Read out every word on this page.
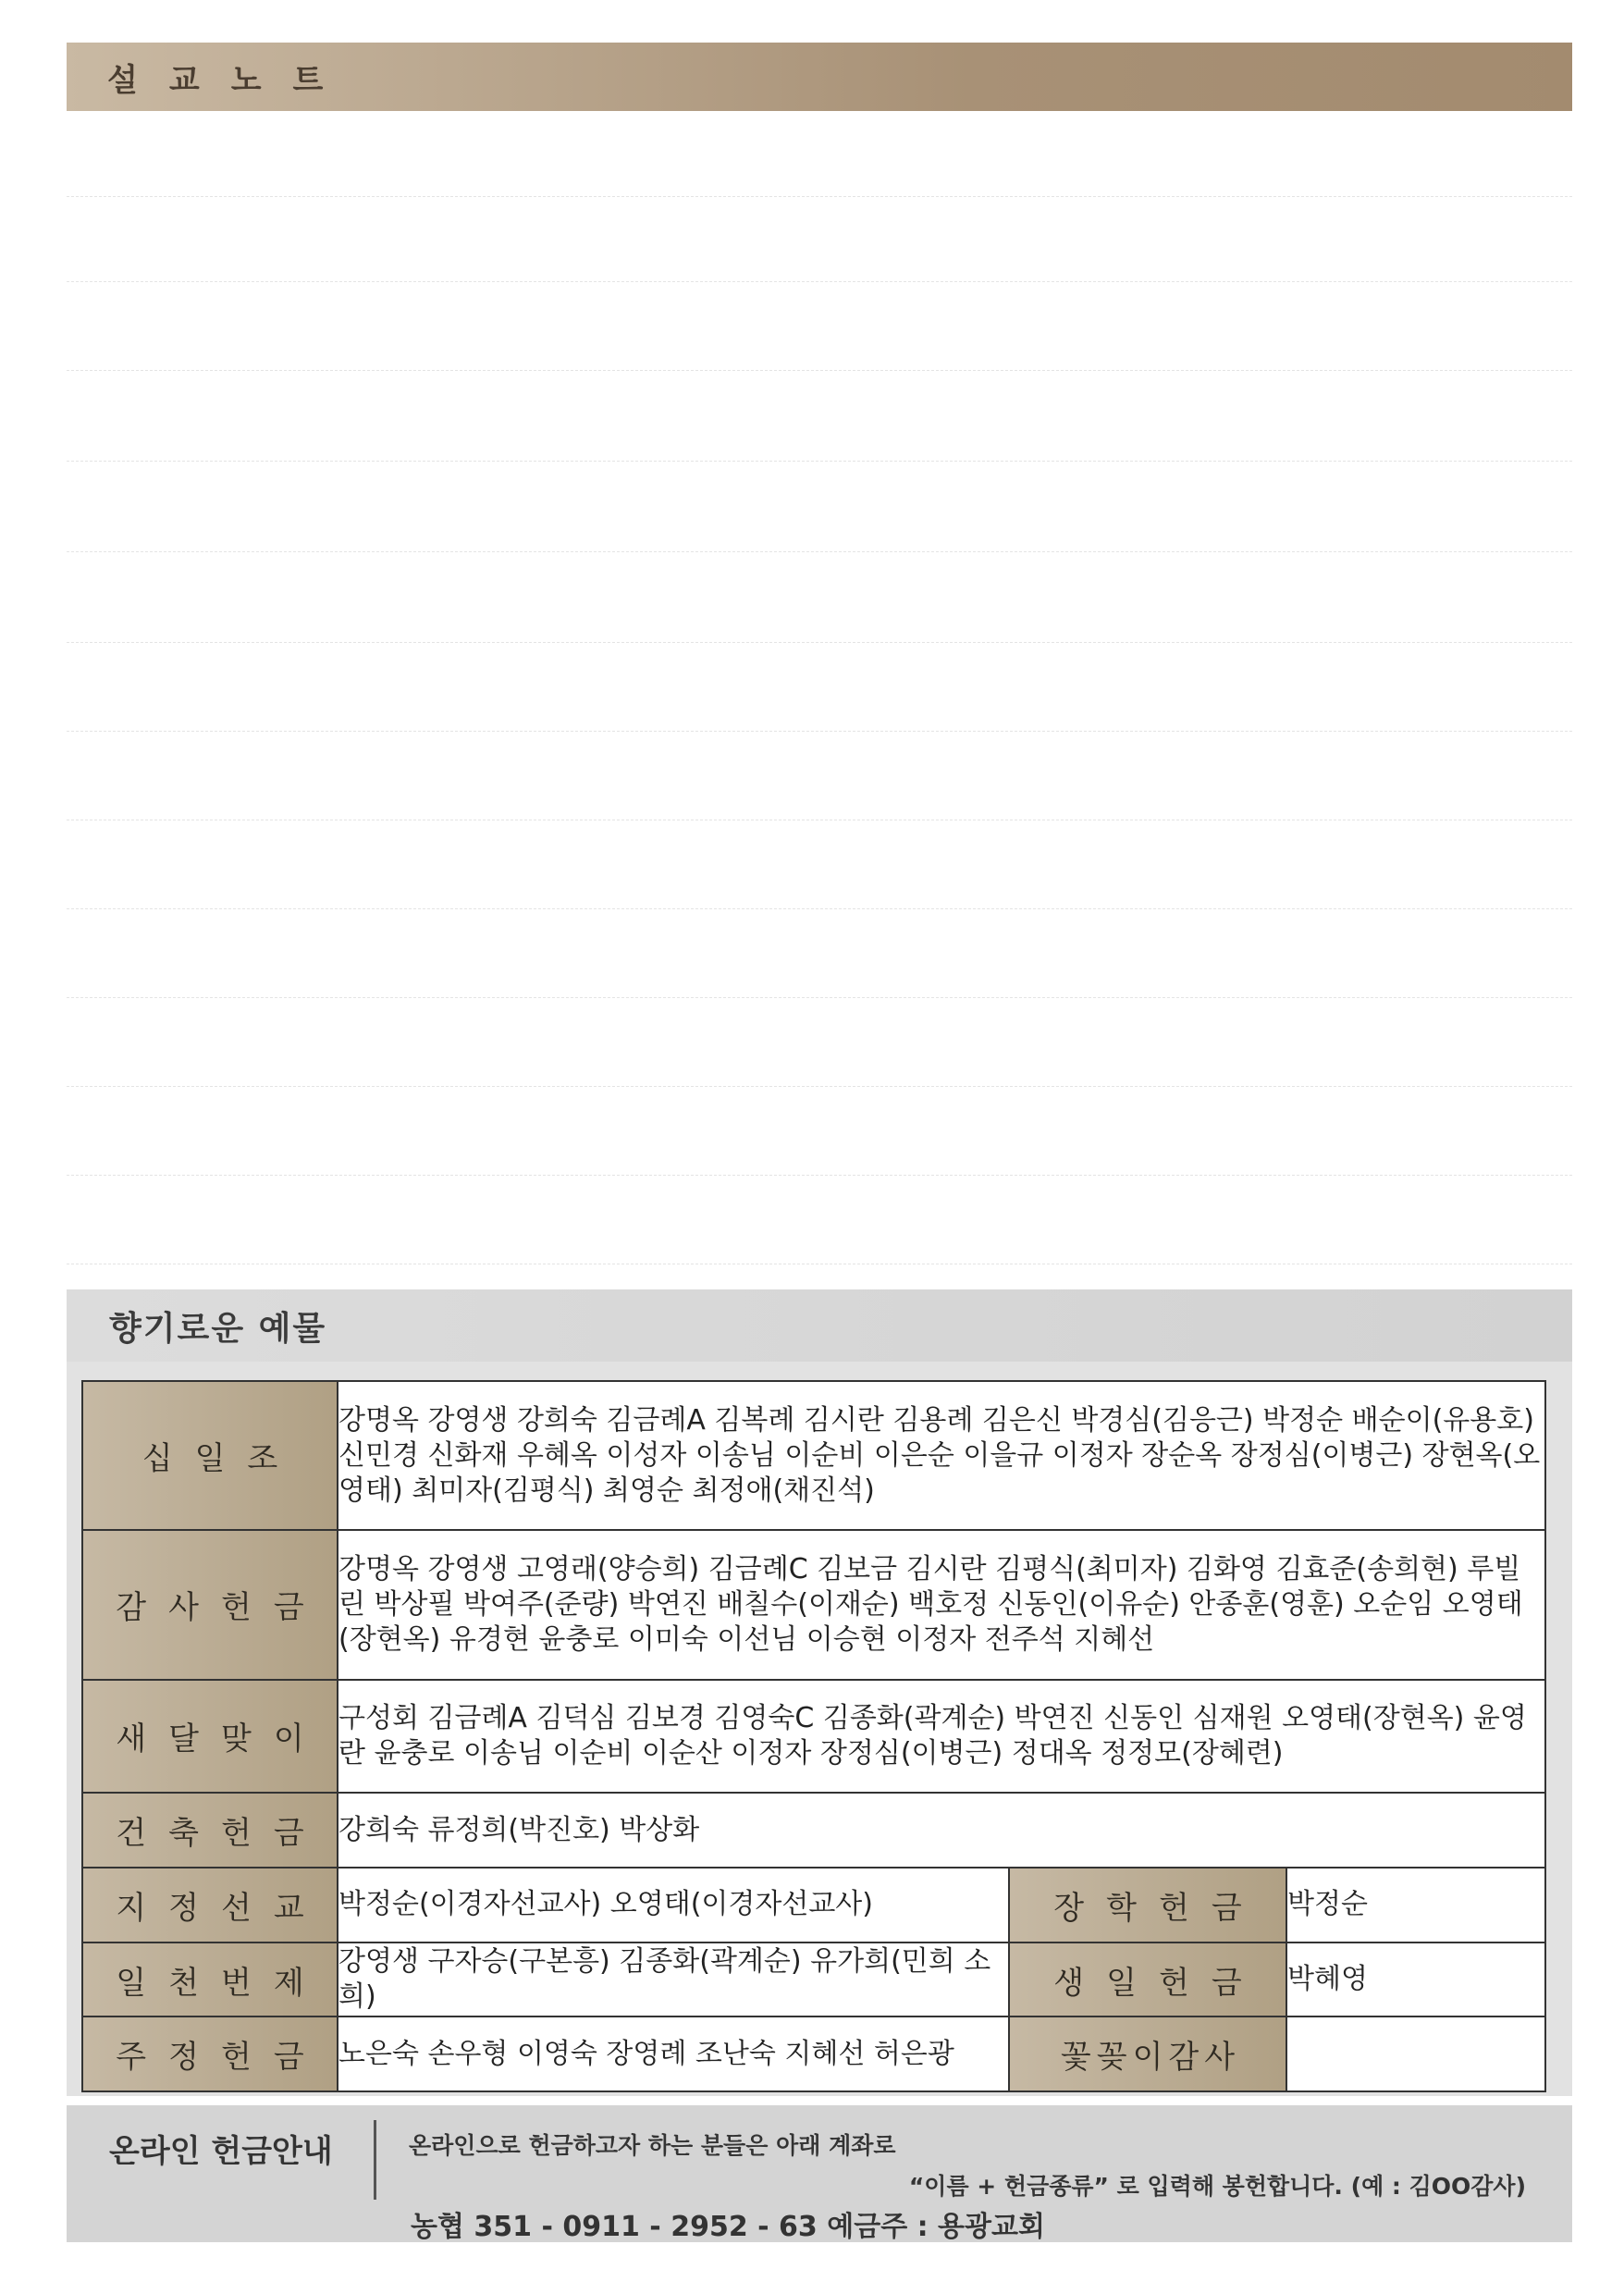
설교노트
향기로운 예물
십일조	강명옥 강영생 강희숙 김금례A 김복례 김시란 김용례 김은신 박경심(김응근) 박정순 배순이(유용호) 신민경 신화재 우혜옥 이성자 이송님 이순비 이은순 이을규 이정자 장순옥 장정심(이병근) 장현옥(오영태) 최미자(김평식) 최영순 최정애(채진석)		
감사헌금	강명옥 강영생 고영래(양승희) 김금례C 김보금 김시란 김평식(최미자) 김화영 김효준(송희현) 루빌린 박상필 박여주(준량) 박연진 배칠수(이재순) 백호정 신동인(이유순) 안종훈(영훈) 오순임 오영태(장현옥) 유경현 윤충로 이미숙 이선님 이승현 이정자 전주석 지혜선		
새달맞이	구성회 김금례A 김덕심 김보경 김영숙C 김종화(곽계순) 박연진 신동인 심재원 오영태(장현옥) 윤영란 윤충로 이송님 이순비 이순산 이정자 장정심(이병근) 정대옥 정정모(장혜련)		
건축헌금	강희숙 류정희(박진호) 박상화		
지정선교	박정순(이경자선교사) 오영태(이경자선교사)	장학헌금	박정순
일천번제	강영생 구자승(구본흥) 김종화(곽계순) 유가희(민희 소희)	생일헌금	박혜영
주정헌금	노은숙 손우형 이영숙 장영례 조난숙 지혜선 허은광	꽃꽂이감사	
온라인 헌금안내	온라인으로 헌금하고자 하는 분들은 아래 계좌로
“이름 + 헌금종류” 로 입력해 봉헌합니다. (예 : 김OO감사)
농협 351 - 0911 - 2952 - 63 예금주 : 용광교회
